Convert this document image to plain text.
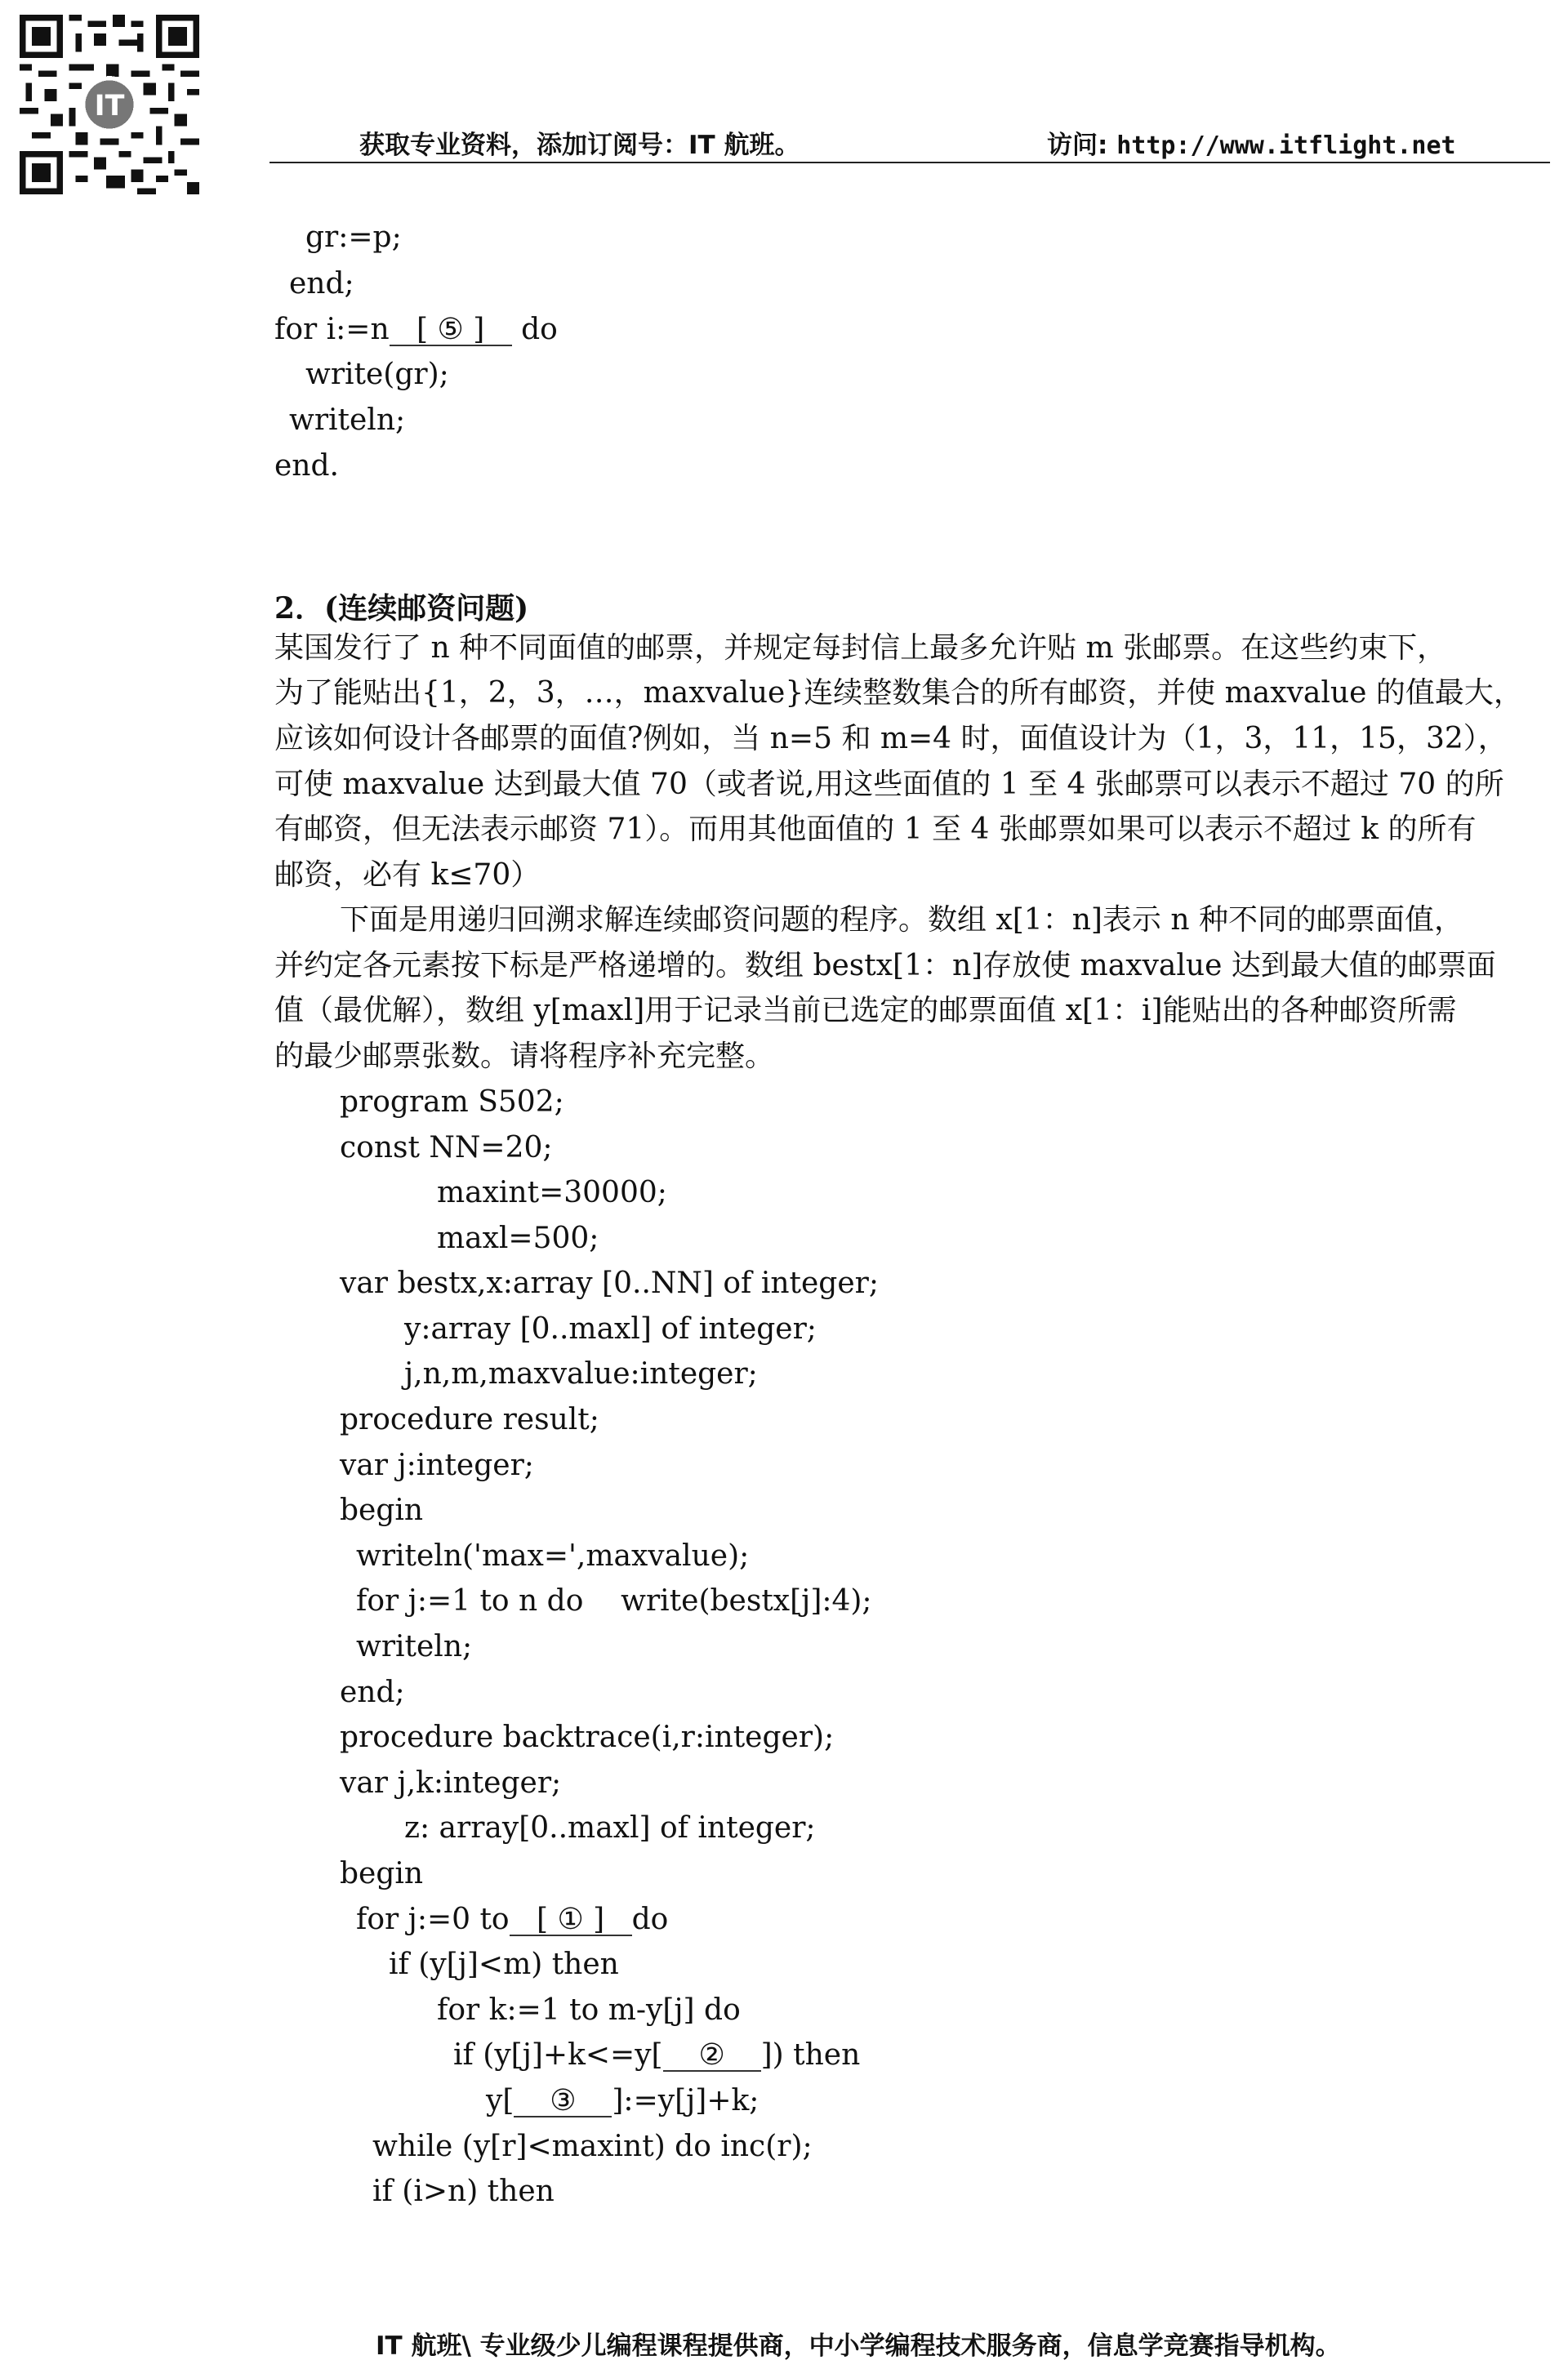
IT
获取专业资料，添加订阅号：IT 航班。	访问: http://www.itflight.net
gr:=p;
end;
for i:=n [ ⑤ ] do
write(gr);
writeln;
end.
2．(连续邮资问题)
某国发行了 n 种不同面值的邮票，并规定每封信上最多允许贴 m 张邮票。在这些约束下，
为了能贴出{1，2，3，…，maxvalue}连续整数集合的所有邮资，并使 maxvalue 的值最大，
应该如何设计各邮票的面值?例如，当 n=5 和 m=4 时，面值设计为（1，3，11，15，32），
可使 maxvalue 达到最大值 70（或者说,用这些面值的 1 至 4 张邮票可以表示不超过 70 的所
有邮资，但无法表示邮资 71）。而用其他面值的 1 至 4 张邮票如果可以表示不超过 k 的所有
邮资，必有 k≤70）
下面是用递归回溯求解连续邮资问题的程序。数组 x[1：n]表示 n 种不同的邮票面值，
并约定各元素按下标是严格递增的。数组 bestx[1：n]存放使 maxvalue 达到最大值的邮票面
值（最优解），数组 y[maxl]用于记录当前已选定的邮票面值 x[1：i]能贴出的各种邮资所需
的最少邮票张数。请将程序补充完整。
program S502;
const NN=20;
maxint=30000;
maxl=500;
var bestx,x:array [0..NN] of integer;
y:array [0..maxl] of integer;
j,n,m,maxvalue:integer;
procedure result;
var j:integer;
begin
writeln('max=',maxvalue);
for j:=1 to n do    write(bestx[j]:4);
writeln;
end;
procedure backtrace(i,r:integer);
var j,k:integer;
z: array[0..maxl] of integer;
begin
for j:=0 to [ ① ] do
if (y[j]<m) then
for k:=1 to m-y[j] do
if (y[j]+k<=y[ ② ]) then
y[ ③ ]:=y[j]+k;
while (y[r]<maxint) do inc(r);
if (i>n) then
IT 航班\ 专业级少儿编程课程提供商，中小学编程技术服务商，信息学竞赛指导机构。
